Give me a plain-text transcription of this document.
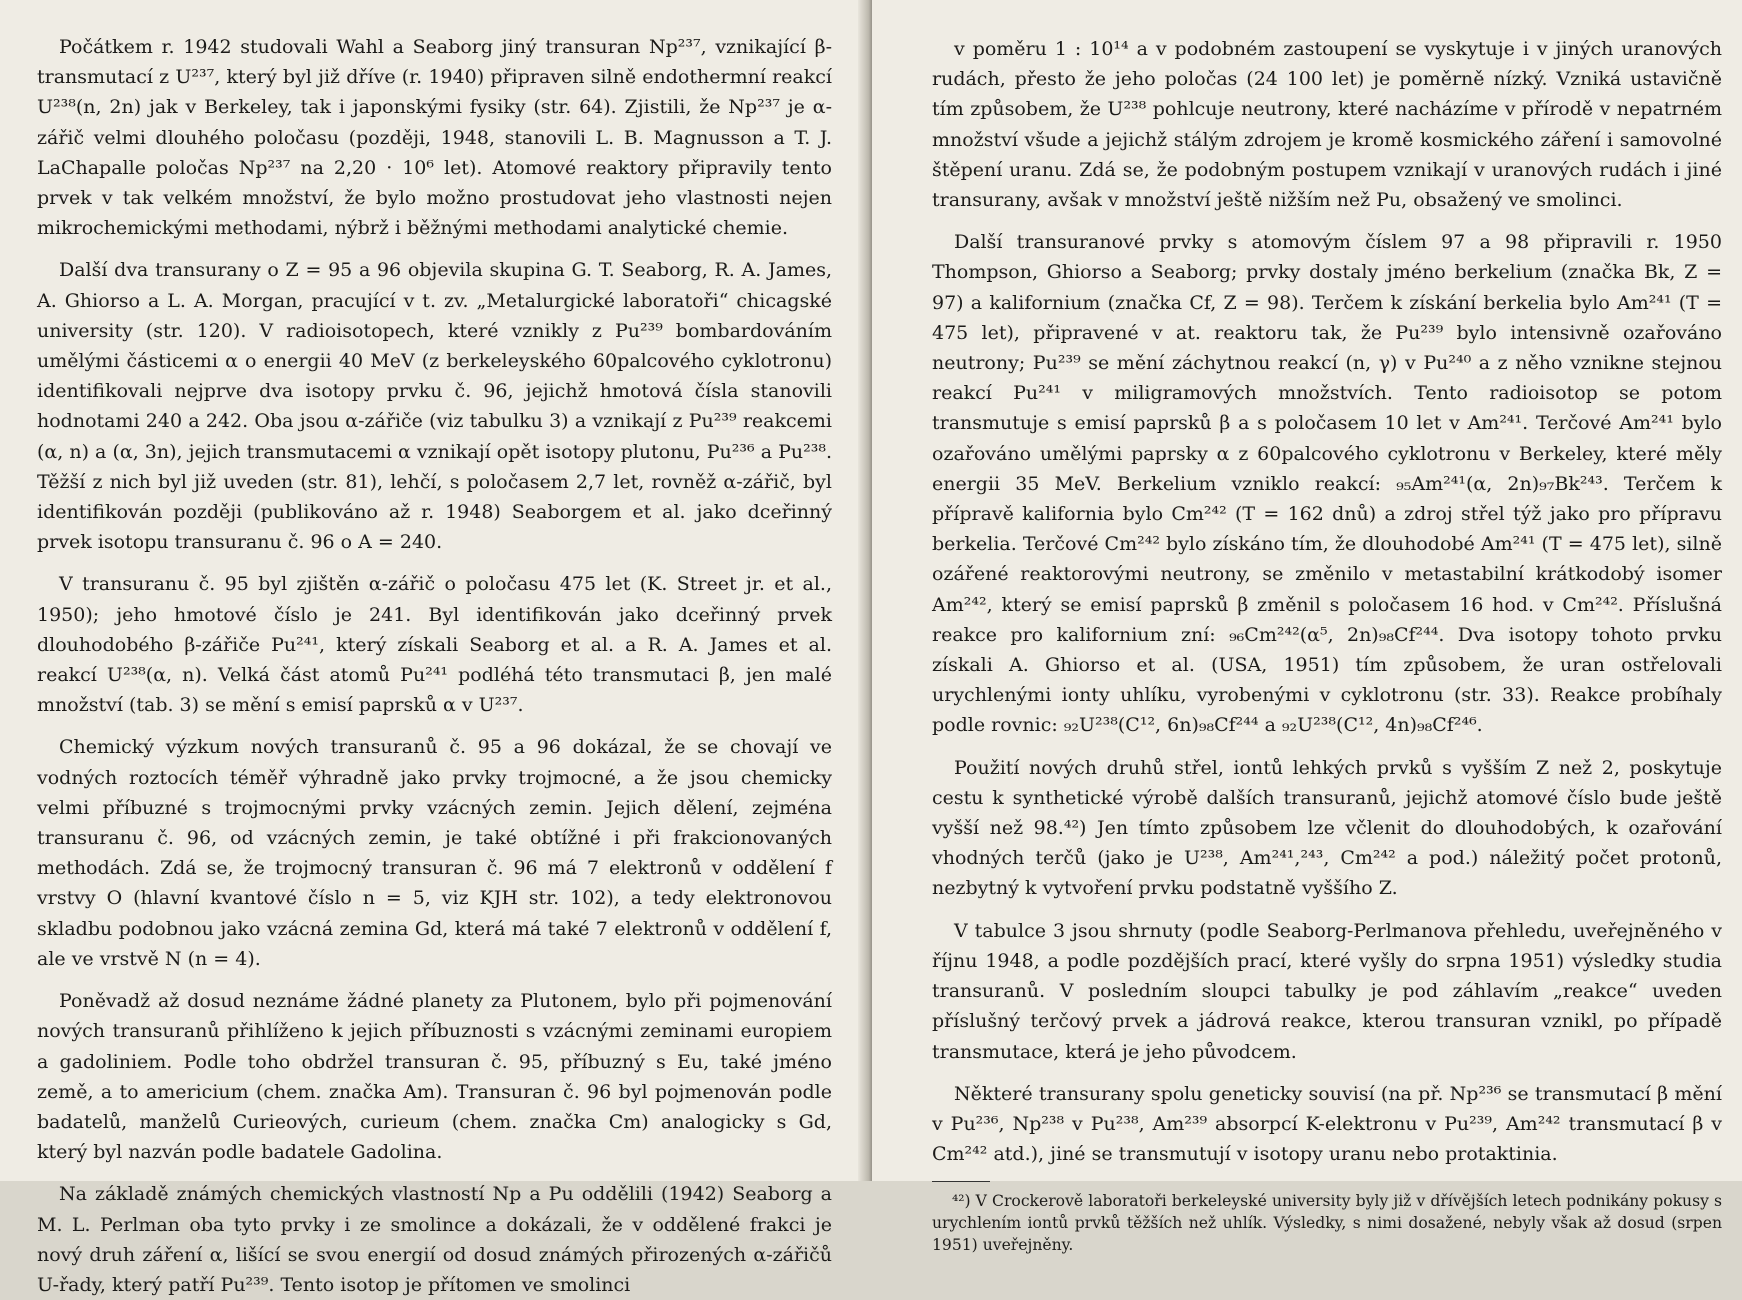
Počátkem r. 1942 studovali Wahl a Seaborg jiný transuran Np²³⁷, vznikající β-transmutací z U²³⁷, který byl již dříve (r. 1940) připraven silně endothermní reakcí U²³⁸(n, 2n) jak v Berkeley, tak i japonskými fysiky (str. 64). Zjistili, že Np²³⁷ je α-zářič velmi dlouhého poločasu (později, 1948, stanovili L. B. Magnusson a T. J. LaChapalle poločas Np²³⁷ na 2,20 · 10⁶ let). Atomové reaktory připravily tento prvek v tak velkém množství, že bylo možno prostudovat jeho vlastnosti nejen mikrochemickými methodami, nýbrž i běžnými methodami analytické chemie.

Další dva transurany o Z = 95 a 96 objevila skupina G. T. Seaborg, R. A. James, A. Ghiorso a L. A. Morgan, pracující v t. zv. „Metalurgické laboratoři“ chicagské university (str. 120). V radioisotopech, které vznikly z Pu²³⁹ bombardováním umělými částicemi α o energii 40 MeV (z berkeleyského 60palcového cyklotronu) identifikovali nejprve dva isotopy prvku č. 96, jejichž hmotová čísla stanovili hodnotami 240 a 242. Oba jsou α-zářiče (viz tabulku 3) a vznikají z Pu²³⁹ reakcemi (α, n) a (α, 3n), jejich transmutacemi α vznikají opět isotopy plutonu, Pu²³⁶ a Pu²³⁸. Těžší z nich byl již uveden (str. 81), lehčí, s poločasem 2,7 let, rovněž α-zářič, byl identifikován později (publikováno až r. 1948) Seaborgem et al. jako dceřinný prvek isotopu transuranu č. 96 o A = 240.

V transuranu č. 95 byl zjištěn α-zářič o poločasu 475 let (K. Street jr. et al., 1950); jeho hmotové číslo je 241. Byl identifikován jako dceřinný prvek dlouhodobého β-zářiče Pu²⁴¹, který získali Seaborg et al. a R. A. James et al. reakcí U²³⁸(α, n). Velká část atomů Pu²⁴¹ podléhá této transmutaci β, jen malé množství (tab. 3) se mění s emisí paprsků α v U²³⁷.

Chemický výzkum nových transuranů č. 95 a 96 dokázal, že se chovají ve vodných roztocích téměř výhradně jako prvky trojmocné, a že jsou chemicky velmi příbuzné s trojmocnými prvky vzácných zemin. Jejich dělení, zejména transuranu č. 96, od vzácných zemin, je také obtížné i při frakcionovaných methodách. Zdá se, že trojmocný transuran č. 96 má 7 elektronů v oddělení f vrstvy O (hlavní kvantové číslo n = 5, viz KJH str. 102), a tedy elektronovou skladbu podobnou jako vzácná zemina Gd, která má také 7 elektronů v oddělení f, ale ve vrstvě N (n = 4).

Poněvadž až dosud neznáme žádné planety za Plutonem, bylo při pojmenování nových transuranů přihlíženo k jejich příbuznosti s vzácnými zeminami europiem a gadoliniem. Podle toho obdržel transuran č. 95, příbuzný s Eu, také jméno země, a to americium (chem. značka Am). Transuran č. 96 byl pojmenován podle badatelů, manželů Curieových, curieum (chem. značka Cm) analogicky s Gd, který byl nazván podle badatele Gadolina.

Na základě známých chemických vlastností Np a Pu oddělili (1942) Seaborg a M. L. Perlman oba tyto prvky i ze smolince a dokázali, že v oddělené frakci je nový druh záření α, lišící se svou energií od dosud známých přirozených α-zářičů U-řady, který patří Pu²³⁹. Tento isotop je přítomen ve smolinci

v poměru 1 : 10¹⁴ a v podobném zastoupení se vyskytuje i v jiných uranových rudách, přesto že jeho poločas (24 100 let) je poměrně nízký. Vzniká ustavičně tím způsobem, že U²³⁸ pohlcuje neutrony, které nacházíme v přírodě v nepatrném množství všude a jejichž stálým zdrojem je kromě kosmického záření i samovolné štěpení uranu. Zdá se, že podobným postupem vznikají v uranových rudách i jiné transurany, avšak v množství ještě nižším než Pu, obsažený ve smolinci.

Další transuranové prvky s atomovým číslem 97 a 98 připravili r. 1950 Thompson, Ghiorso a Seaborg; prvky dostaly jméno berkelium (značka Bk, Z = 97) a kalifornium (značka Cf, Z = 98). Terčem k získání berkelia bylo Am²⁴¹ (T = 475 let), připravené v at. reaktoru tak, že Pu²³⁹ bylo intensivně ozařováno neutrony; Pu²³⁹ se mění záchytnou reakcí (n, γ) v Pu²⁴⁰ a z něho vznikne stejnou reakcí Pu²⁴¹ v miligramových množstvích. Tento radioisotop se potom transmutuje s emisí paprsků β a s poločasem 10 let v Am²⁴¹. Terčové Am²⁴¹ bylo ozařováno umělými paprsky α z 60palcového cyklotronu v Berkeley, které měly energii 35 MeV. Berkelium vzniklo reakcí: ₉₅Am²⁴¹(α, 2n)₉₇Bk²⁴³. Terčem k přípravě kalifornia bylo Cm²⁴² (T = 162 dnů) a zdroj střel týž jako pro přípravu berkelia. Terčové Cm²⁴² bylo získáno tím, že dlouhodobé Am²⁴¹ (T = 475 let), silně ozářené reaktorovými neutrony, se změnilo v metastabilní krátkodobý isomer Am²⁴², který se emisí paprsků β změnil s poločasem 16 hod. v Cm²⁴². Příslušná reakce pro kalifornium zní: ₉₆Cm²⁴²(α⁵, 2n)₉₈Cf²⁴⁴. Dva isotopy tohoto prvku získali A. Ghiorso et al. (USA, 1951) tím způsobem, že uran ostřelovali urychlenými ionty uhlíku, vyrobenými v cyklotronu (str. 33). Reakce probíhaly podle rovnic: ₉₂U²³⁸(C¹², 6n)₉₈Cf²⁴⁴ a ₉₂U²³⁸(C¹², 4n)₉₈Cf²⁴⁶.

Použití nových druhů střel, iontů lehkých prvků s vyšším Z než 2, poskytuje cestu k synthetické výrobě dalších transuranů, jejichž atomové číslo bude ještě vyšší než 98.⁴²) Jen tímto způsobem lze včlenit do dlouhodobých, k ozařování vhodných terčů (jako je U²³⁸, Am²⁴¹,²⁴³, Cm²⁴² a pod.) náležitý počet protonů, nezbytný k vytvoření prvku podstatně vyššího Z.

V tabulce 3 jsou shrnuty (podle Seaborg-Perlmanova přehledu, uveřejněného v říjnu 1948, a podle pozdějších prací, které vyšly do srpna 1951) výsledky studia transuranů. V posledním sloupci tabulky je pod záhlavím „reakce“ uveden příslušný terčový prvek a jádrová reakce, kterou transuran vznikl, po případě transmutace, která je jeho původcem.

Některé transurany spolu geneticky souvisí (na př. Np²³⁶ se transmutací β mění v Pu²³⁶, Np²³⁸ v Pu²³⁸, Am²³⁹ absorpcí K-elektronu v Pu²³⁹, Am²⁴² transmutací β v Cm²⁴² atd.), jiné se transmutují v isotopy uranu nebo protaktinia.

⁴²) V Crockerově laboratoři berkeleyské university byly již v dřívějších letech podnikány pokusy s urychlením iontů prvků těžších než uhlík. Výsledky, s nimi dosažené, nebyly však až dosud (srpen 1951) uveřejněny.
